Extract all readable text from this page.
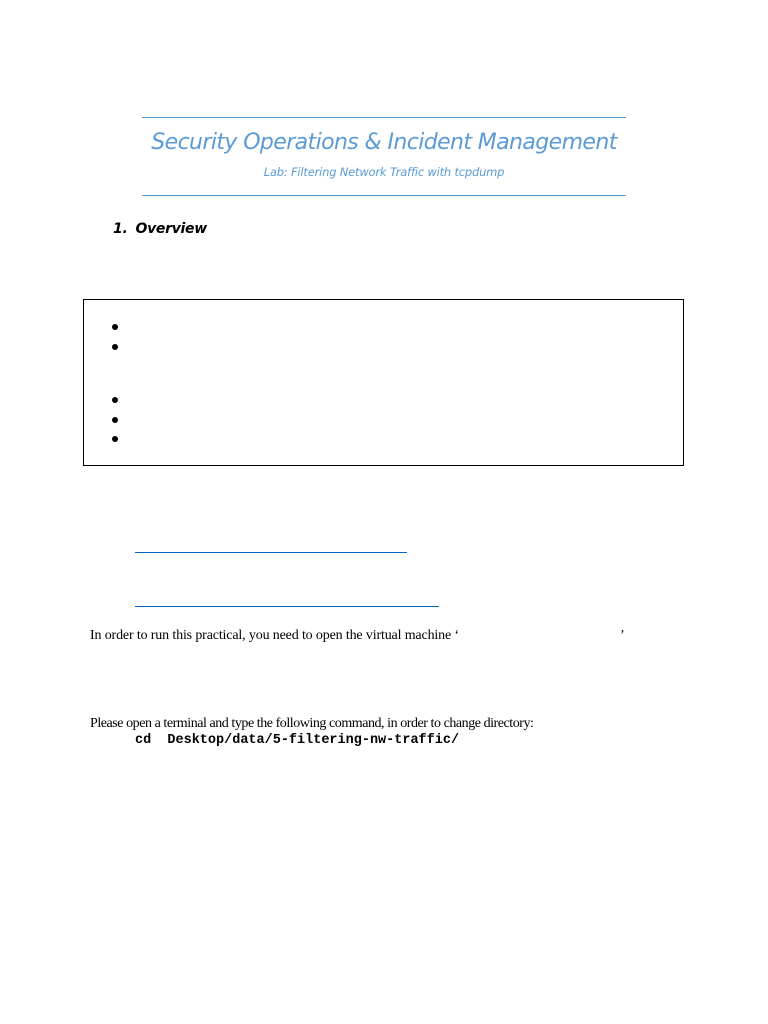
Security Operations & Incident Management
Lab: Filtering Network Traffic with tcpdump
1. Overview
In order to run this practical, you need to open the virtual machine ‘	’
Please open a terminal and type the following command, in order to change directory:
cd  Desktop/data/5-filtering-nw-traffic/
